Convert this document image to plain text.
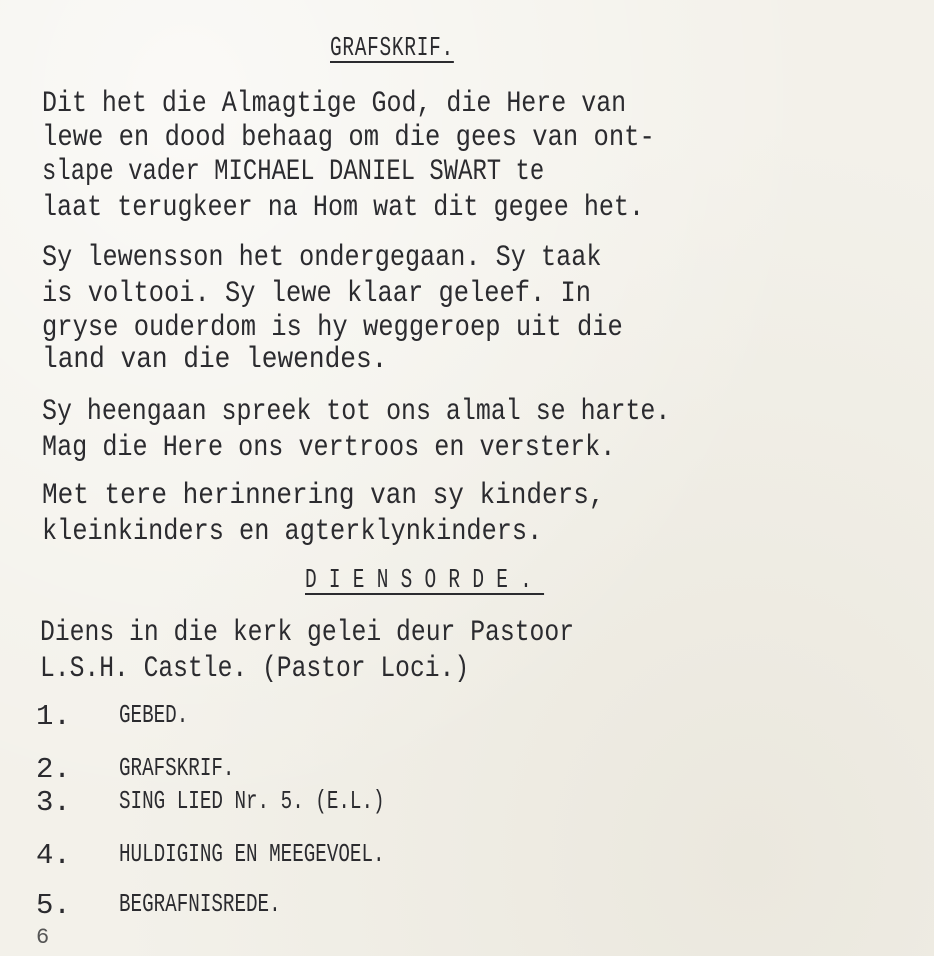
GRAFSKRIF.
Dit het die Almagtige God, die Here van
lewe en dood behaag om die gees van ont-
slape vader MICHAEL DANIEL SWART te
laat terugkeer na Hom wat dit gegee het.
Sy lewensson het ondergegaan. Sy taak
is voltooi. Sy lewe klaar geleef. In
gryse ouderdom is hy weggeroep uit die
land van die lewendes.
Sy heengaan spreek tot ons almal se harte.
Mag die Here ons vertroos en versterk.
Met tere herinnering van sy kinders,
kleinkinders en agterklynkinders.
DIENSORDE.
Diens in die kerk gelei deur Pastoor
L.S.H. Castle. (Pastor Loci.)
1. GEBED.
2. GRAFSKRIF.
3. SING LIED Nr. 5. (E.L.)
4. HULDIGING EN MEEGEVOEL.
5. BEGRAFNISREDE.
6
